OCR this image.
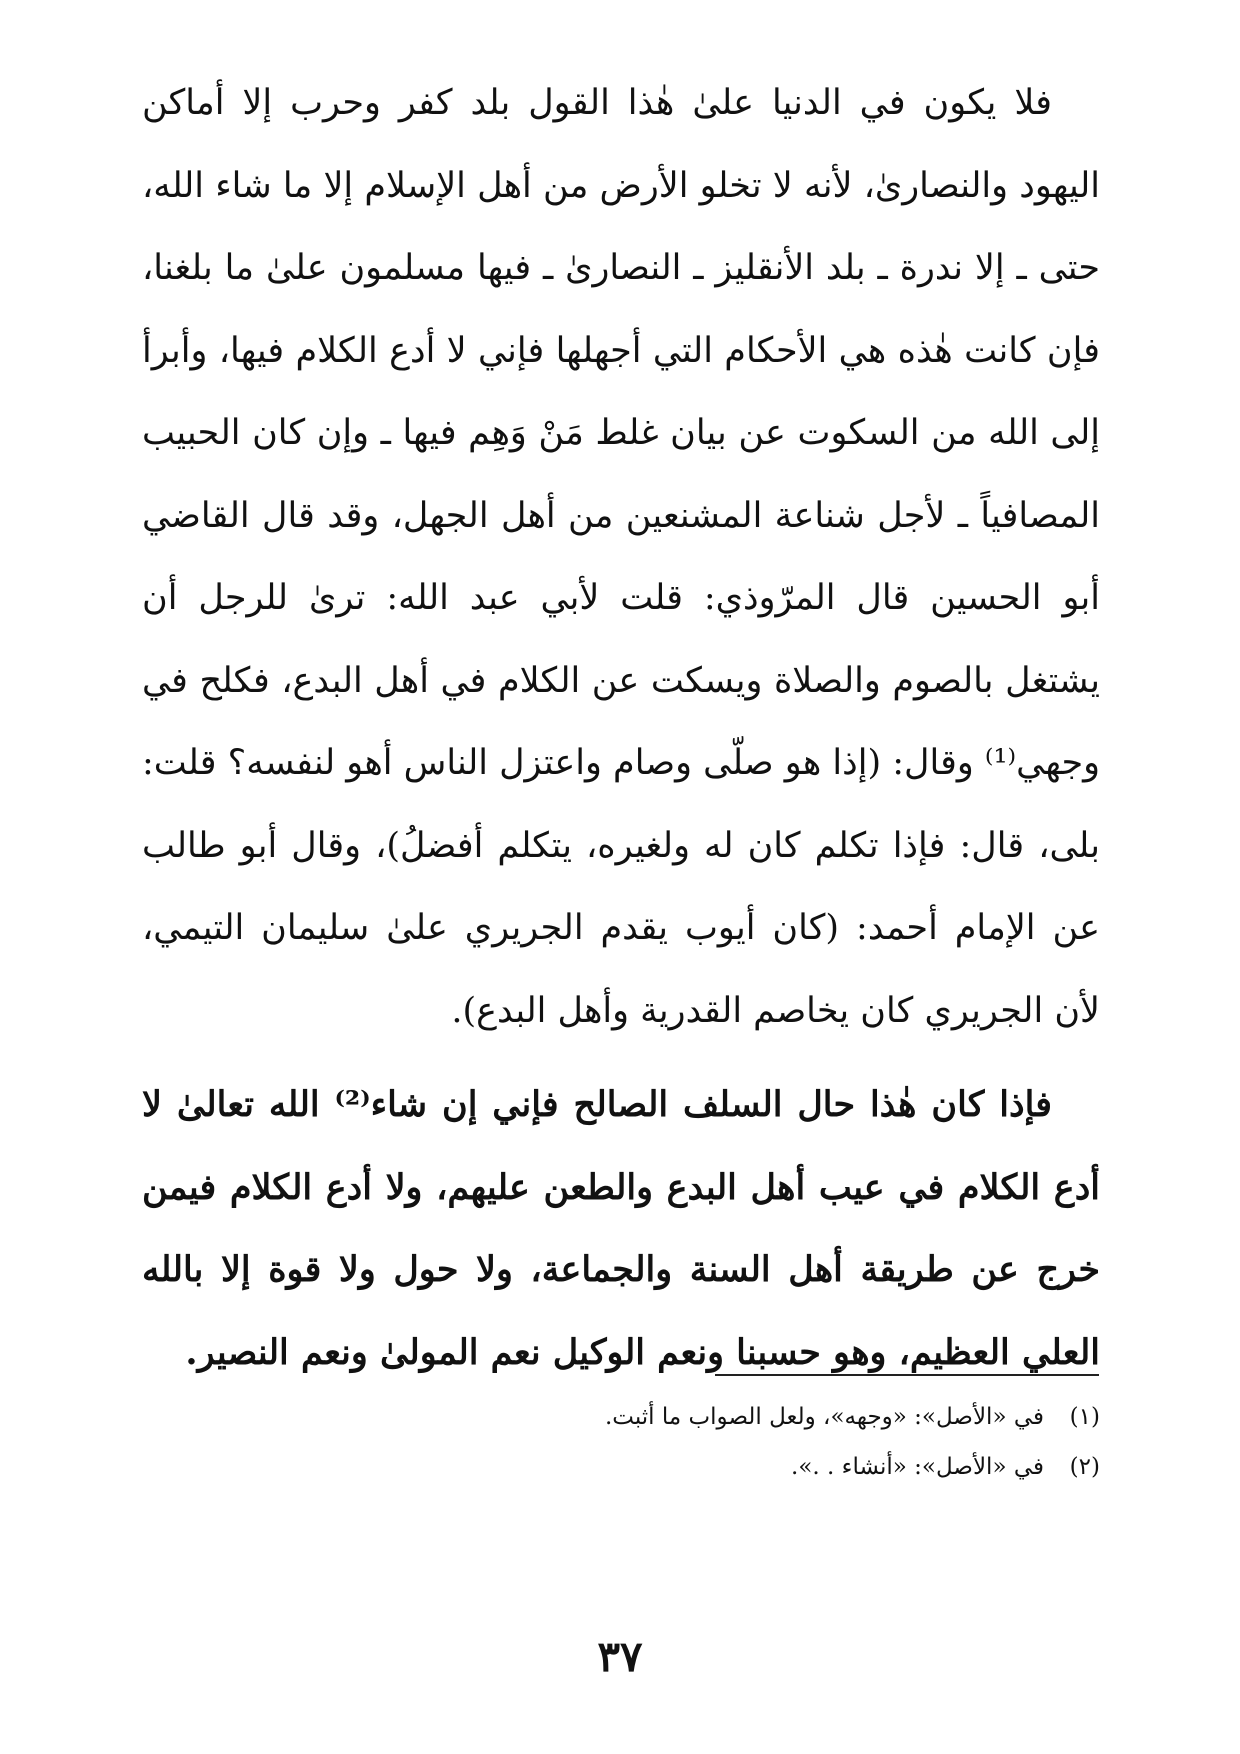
فلا يكون في الدنيا علىٰ هٰذا القول بلد كفر وحرب إلا أماكن اليهود والنصارىٰ، لأنه لا تخلو الأرض من أهل الإسلام إلا ما شاء الله، حتى ـ إلا ندرة ـ بلد الأنقليز ـ النصارىٰ ـ فيها مسلمون علىٰ ما بلغنا، فإن كانت هٰذه هي الأحكام التي أجهلها فإني لا أدع الكلام فيها، وأبرأ إلى الله من السكوت عن بيان غلط مَنْ وَهِم فيها ـ وإن كان الحبيب المصافياً ـ لأجل شناعة المشنعين من أهل الجهل، وقد قال القاضي أبو الحسين قال المرّوذي: قلت لأبي عبد الله: ترىٰ للرجل أن يشتغل بالصوم والصلاة ويسكت عن الكلام في أهل البدع، فكلح في وجهي⁽¹⁾ وقال: (إذا هو صلّى وصام واعتزل الناس أهو لنفسه؟ قلت: بلى، قال: فإذا تكلم كان له ولغيره، يتكلم أفضلُ)، وقال أبو طالب عن الإمام أحمد: (كان أيوب يقدم الجريري علىٰ سليمان التيمي، لأن الجريري كان يخاصم القدرية وأهل البدع).

فإذا كان هٰذا حال السلف الصالح فإني إن شاء⁽²⁾ الله تعالىٰ لا أدع الكلام في عيب أهل البدع والطعن عليهم، ولا أدع الكلام فيمن خرج عن طريقة أهل السنة والجماعة، ولا حول ولا قوة إلا بالله العلي العظيم، وهو حسبنا ونعم الوكيل نعم المولىٰ ونعم النصير.

(١)
في «الأصل»: «وجهه»، ولعل الصواب ما أثبت.
(٢)
في «الأصل»: «أنشاء . .».
٣٧
